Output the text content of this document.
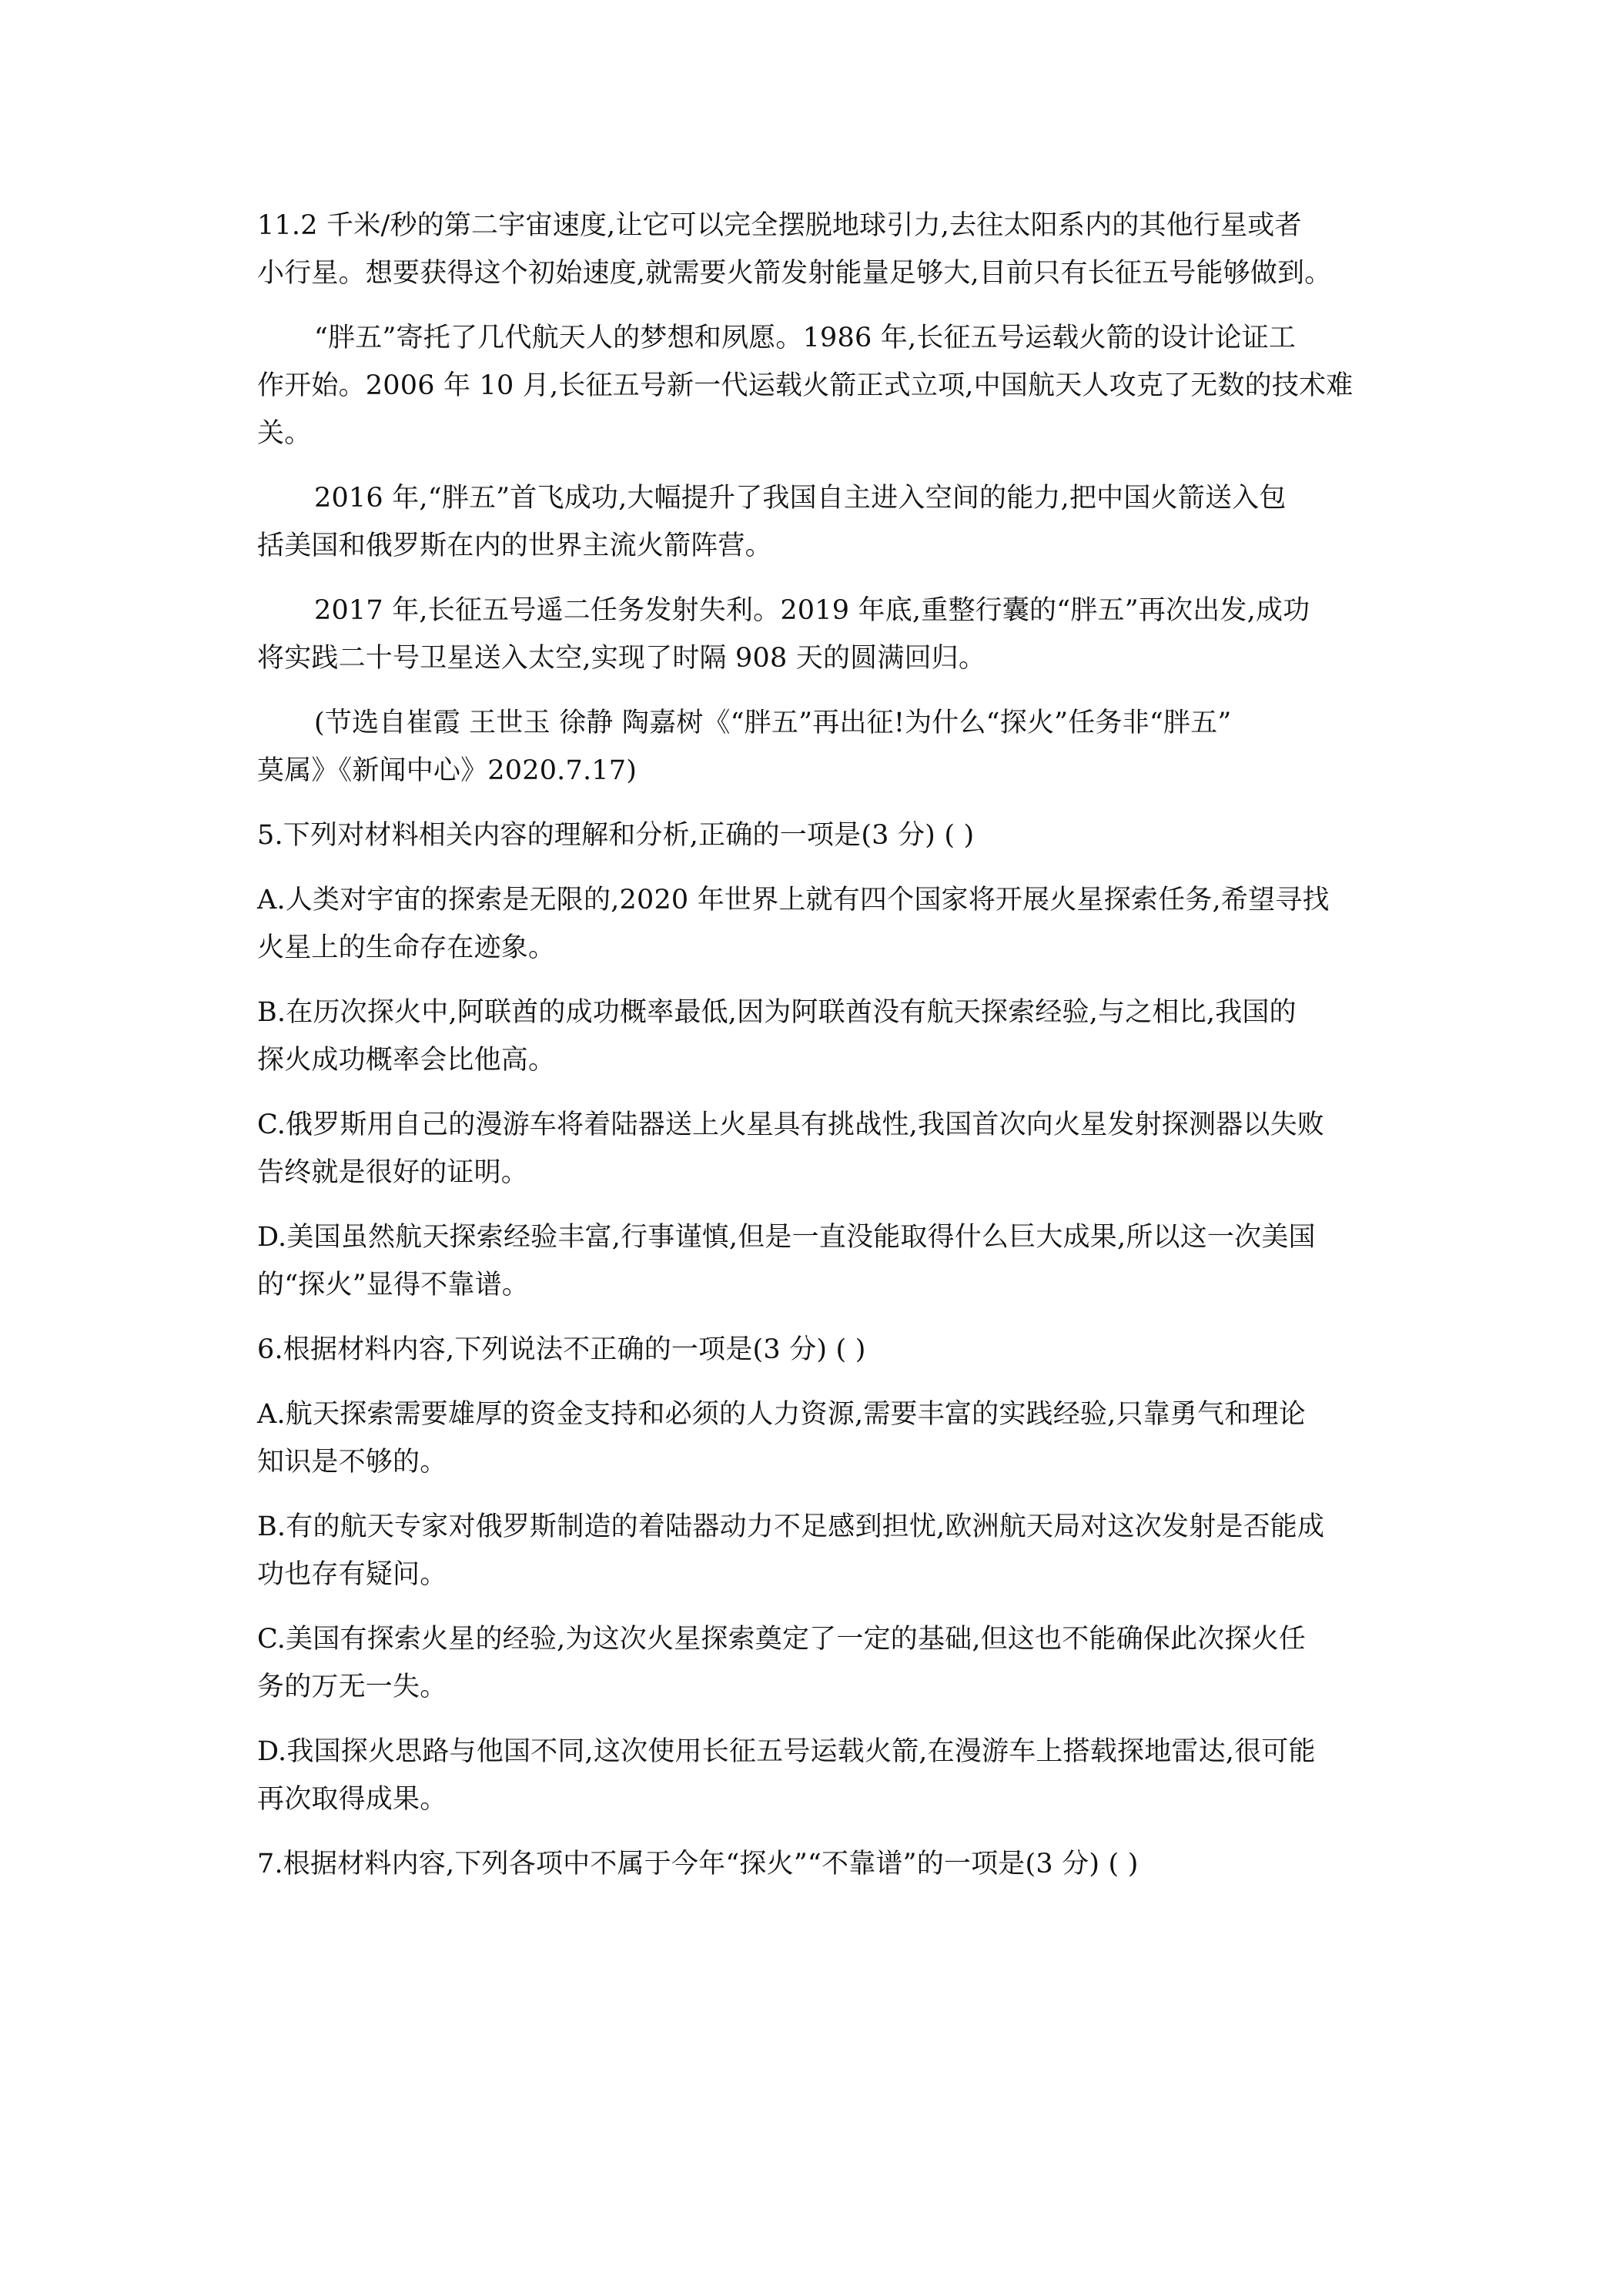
11.2 千米/秒的第二宇宙速度,让它可以完全摆脱地球引力,去往太阳系内的其他行星或者
小行星。想要获得这个初始速度,就需要火箭发射能量足够大,目前只有长征五号能够做到。
“胖五”寄托了几代航天人的梦想和夙愿。1986 年,长征五号运载火箭的设计论证工
作开始。2006 年 10 月,长征五号新一代运载火箭正式立项,中国航天人攻克了无数的技术难
关。
2016 年,“胖五”首飞成功,大幅提升了我国自主进入空间的能力,把中国火箭送入包
括美国和俄罗斯在内的世界主流火箭阵营。
2017 年,长征五号遥二任务发射失利。2019 年底,重整行囊的“胖五”再次出发,成功
将实践二十号卫星送入太空,实现了时隔 908 天的圆满回归。
(节选自崔霞 王世玉 徐静 陶嘉树《“胖五”再出征!为什么“探火”任务非“胖五”
莫属》《新闻中心》2020.7.17)
5.下列对材料相关内容的理解和分析,正确的一项是(3 分) ( )
A.人类对宇宙的探索是无限的,2020 年世界上就有四个国家将开展火星探索任务,希望寻找
火星上的生命存在迹象。
B.在历次探火中,阿联酋的成功概率最低,因为阿联酋没有航天探索经验,与之相比,我国的
探火成功概率会比他高。
C.俄罗斯用自己的漫游车将着陆器送上火星具有挑战性,我国首次向火星发射探测器以失败
告终就是很好的证明。
D.美国虽然航天探索经验丰富,行事谨慎,但是一直没能取得什么巨大成果,所以这一次美国
的“探火”显得不靠谱。
6.根据材料内容,下列说法不正确的一项是(3 分) ( )
A.航天探索需要雄厚的资金支持和必须的人力资源,需要丰富的实践经验,只靠勇气和理论
知识是不够的。
B.有的航天专家对俄罗斯制造的着陆器动力不足感到担忧,欧洲航天局对这次发射是否能成
功也存有疑问。
C.美国有探索火星的经验,为这次火星探索奠定了一定的基础,但这也不能确保此次探火任
务的万无一失。
D.我国探火思路与他国不同,这次使用长征五号运载火箭,在漫游车上搭载探地雷达,很可能
再次取得成果。
7.根据材料内容,下列各项中不属于今年“探火”“不靠谱”的一项是(3 分) ( )
